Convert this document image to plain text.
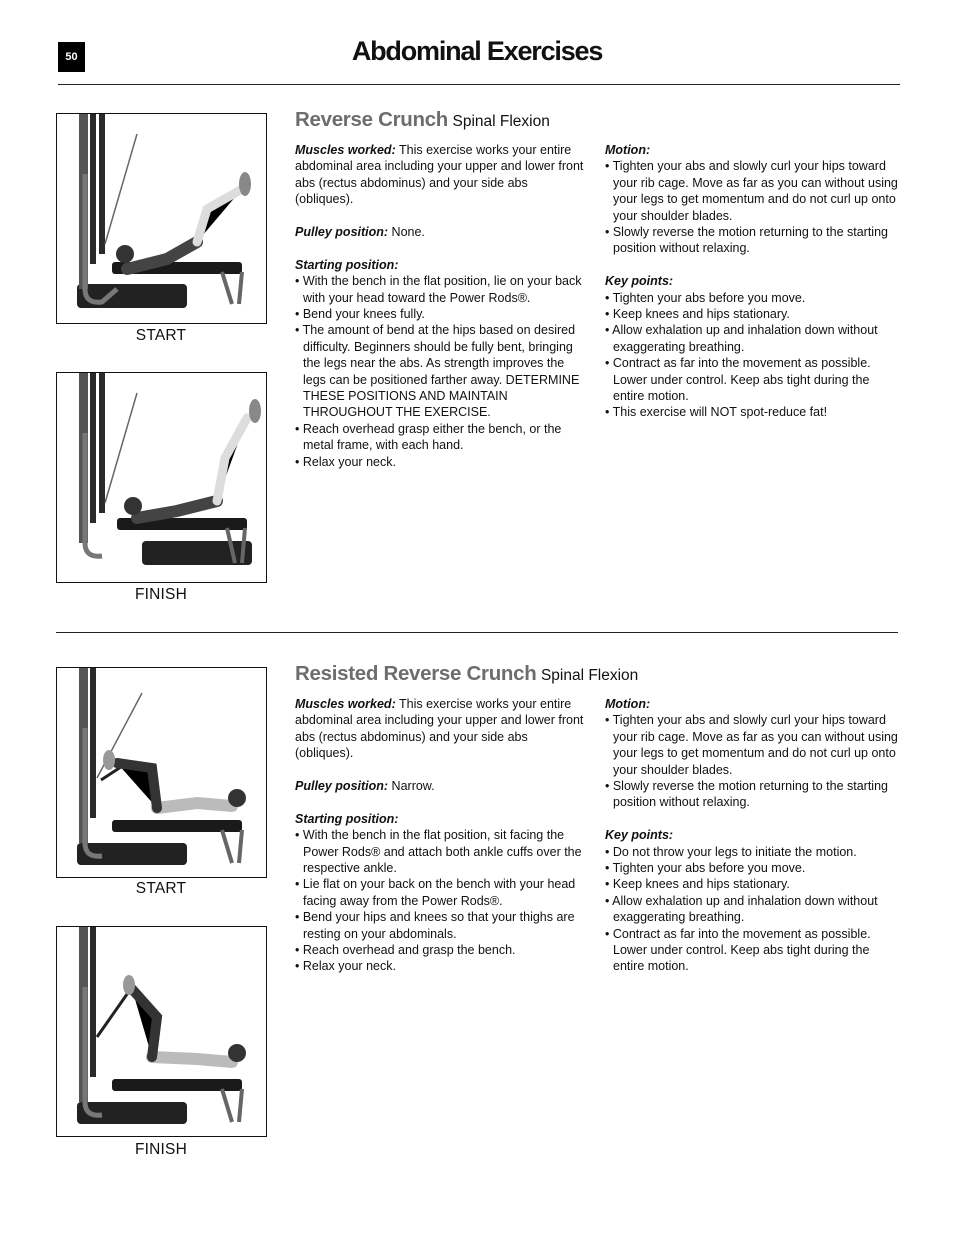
50	Abdominal Exercises
START
FINISH
Reverse Crunch Spinal Flexion

Muscles worked: This exercise works your entire abdominal area including your upper and lower front abs (rectus abdominus) and your side abs (obliques).

Pulley position: None.

Starting position:

• With the bench in the flat position, lie on your back with your head toward the Power Rods®.

• Bend your knees fully.

• The amount of bend at the hips based on desired difficulty. Beginners should be fully bent, bringing the legs near the abs. As strength improves the legs can be positioned farther away. DETERMINE THESE POSITIONS AND MAINTAIN THROUGHOUT THE EXERCISE.

• Reach overhead grasp either the bench, or the metal frame, with each hand.

• Relax your neck.

Motion:

• Tighten your abs and slowly curl your hips toward your rib cage. Move as far as you can without using your legs to get momentum and do not curl up onto your shoulder blades.

• Slowly reverse the motion returning to the starting position without relaxing.

Key points:

• Tighten your abs before you move.

• Keep knees and hips stationary.

• Allow exhalation up and inhalation down without exaggerating breathing.

• Contract as far into the movement as possible. Lower under control. Keep abs tight during the entire motion.

• This exercise will NOT spot-reduce fat!

START
FINISH
Resisted Reverse Crunch Spinal Flexion

Muscles worked: This exercise works your entire abdominal area including your upper and lower front abs (rectus abdominus) and your side abs (obliques).

Pulley position: Narrow.

Starting position:

• With the bench in the flat position, sit facing the Power Rods® and attach both ankle cuffs over the respective ankle.

• Lie flat on your back on the bench with your head facing away from the Power Rods®.

• Bend your hips and knees so that your thighs are resting on your abdominals.

• Reach overhead and grasp the bench.

• Relax your neck.

Motion:

• Tighten your abs and slowly curl your hips toward your rib cage. Move as far as you can without using your legs to get momentum and do not curl up onto your shoulder blades.

• Slowly reverse the motion returning to the starting position without relaxing.

Key points:

• Do not throw your legs to initiate the motion.

• Tighten your abs before you move.

• Keep knees and hips stationary.

• Allow exhalation up and inhalation down without exaggerating breathing.

• Contract as far into the movement as possible. Lower under control. Keep abs tight during the entire motion.
